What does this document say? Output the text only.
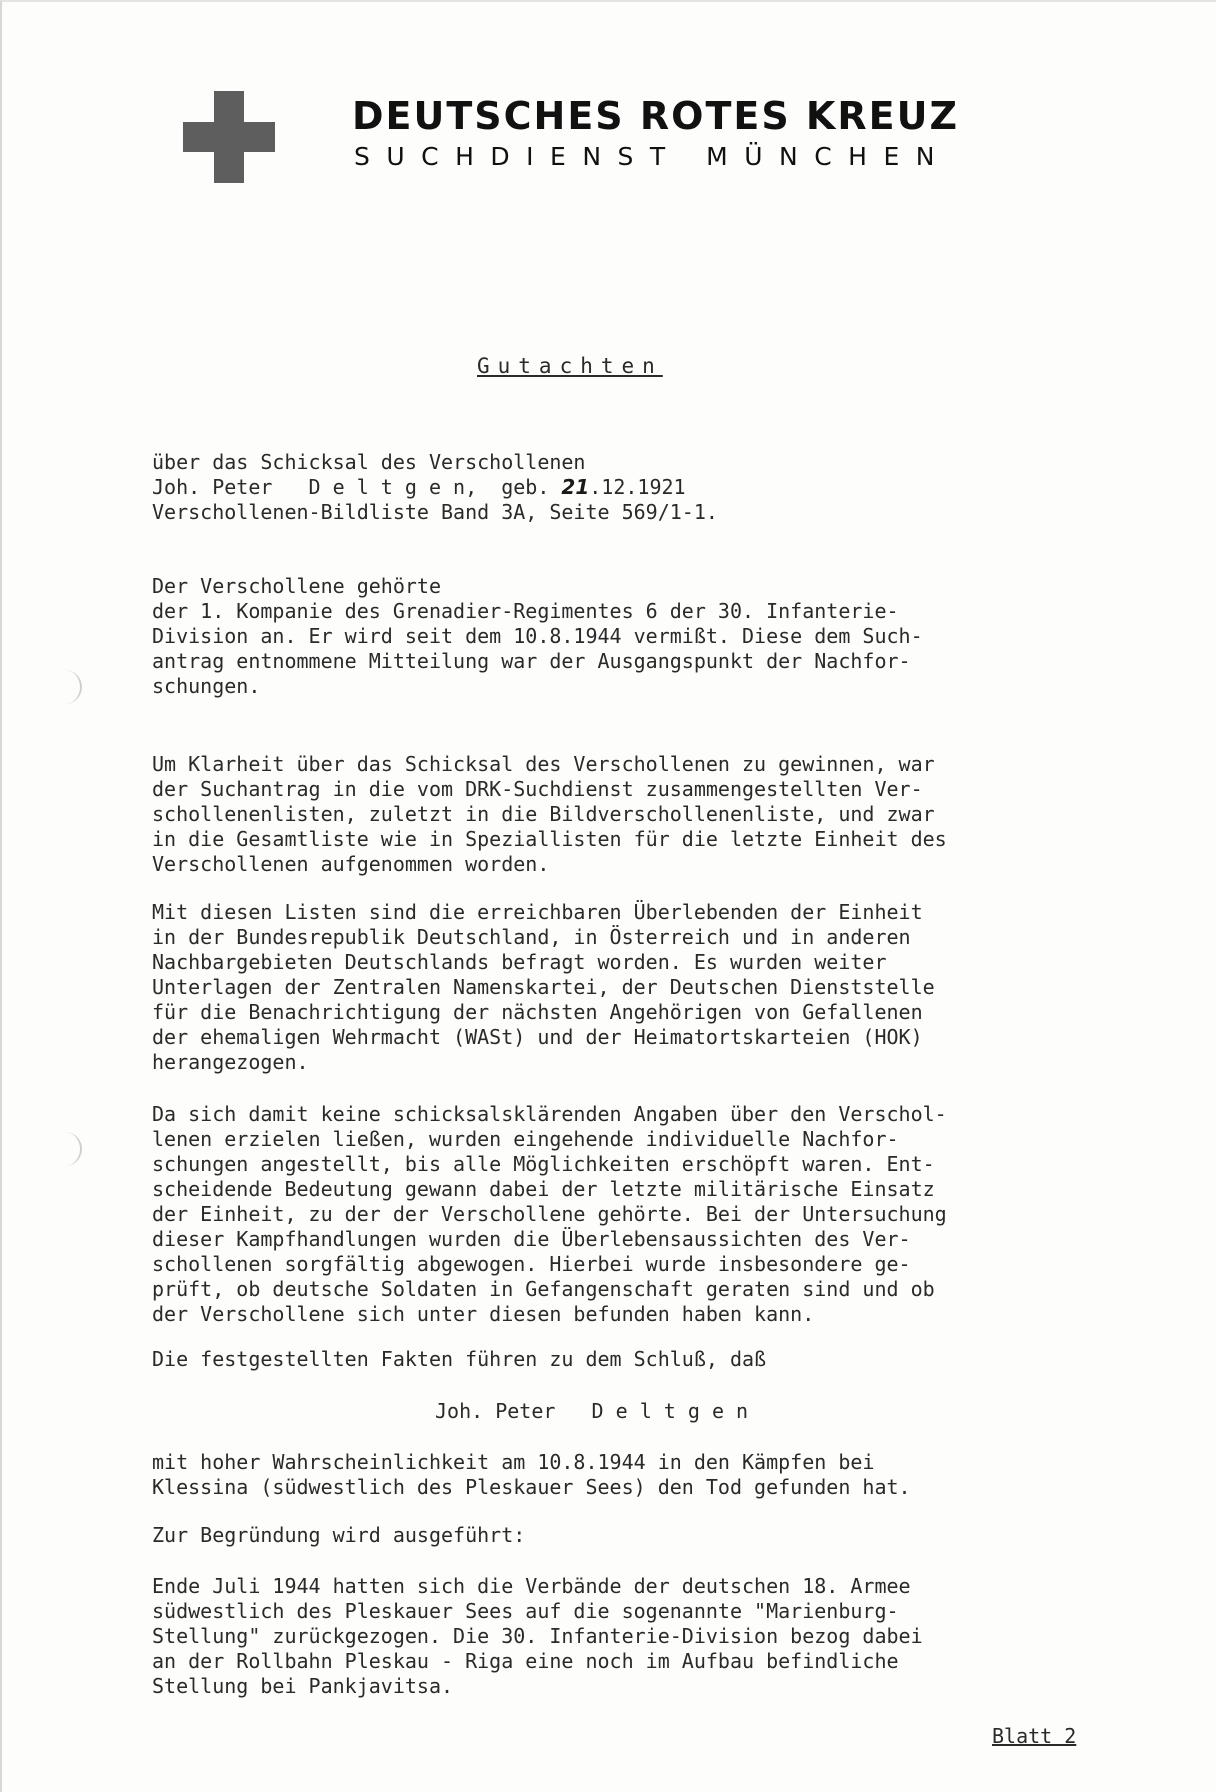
DEUTSCHES ROTES KREUZ
SUCHDIENST MÜNCHEN
Gutachten
über das Schicksal des Verschollenen
Joh. Peter   D e l t g e n,  geb. 21.12.1921
Verschollenen-Bildliste Band 3A, Seite 569/1-1.
Der Verschollene gehörte
der 1. Kompanie des Grenadier-Regimentes 6 der 30. Infanterie-
Division an. Er wird seit dem 10.8.1944 vermißt. Diese dem Such-
antrag entnommene Mitteilung war der Ausgangspunkt der Nachfor-
schungen.
Um Klarheit über das Schicksal des Verschollenen zu gewinnen, war
der Suchantrag in die vom DRK-Suchdienst zusammengestellten Ver-
schollenenlisten, zuletzt in die Bildverschollenenliste, und zwar
in die Gesamtliste wie in Speziallisten für die letzte Einheit des
Verschollenen aufgenommen worden.
Mit diesen Listen sind die erreichbaren Überlebenden der Einheit
in der Bundesrepublik Deutschland, in Österreich und in anderen
Nachbargebieten Deutschlands befragt worden. Es wurden weiter
Unterlagen der Zentralen Namenskartei, der Deutschen Dienststelle
für die Benachrichtigung der nächsten Angehörigen von Gefallenen
der ehemaligen Wehrmacht (WASt) und der Heimatortskarteien (HOK)
herangezogen.
Da sich damit keine schicksalsklärenden Angaben über den Verschol-
lenen erzielen ließen, wurden eingehende individuelle Nachfor-
schungen angestellt, bis alle Möglichkeiten erschöpft waren. Ent-
scheidende Bedeutung gewann dabei der letzte militärische Einsatz
der Einheit, zu der der Verschollene gehörte. Bei der Untersuchung
dieser Kampfhandlungen wurden die Überlebensaussichten des Ver-
schollenen sorgfältig abgewogen. Hierbei wurde insbesondere ge-
prüft, ob deutsche Soldaten in Gefangenschaft geraten sind und ob
der Verschollene sich unter diesen befunden haben kann.
Die festgestellten Fakten führen zu dem Schluß, daß
Joh. Peter   D e l t g e n
mit hoher Wahrscheinlichkeit am 10.8.1944 in den Kämpfen bei
Klessina (südwestlich des Pleskauer Sees) den Tod gefunden hat.
Zur Begründung wird ausgeführt:
Ende Juli 1944 hatten sich die Verbände der deutschen 18. Armee
südwestlich des Pleskauer Sees auf die sogenannte "Marienburg-
Stellung" zurückgezogen. Die 30. Infanterie-Division bezog dabei
an der Rollbahn Pleskau - Riga eine noch im Aufbau befindliche
Stellung bei Pankjavitsa.
Blatt 2
